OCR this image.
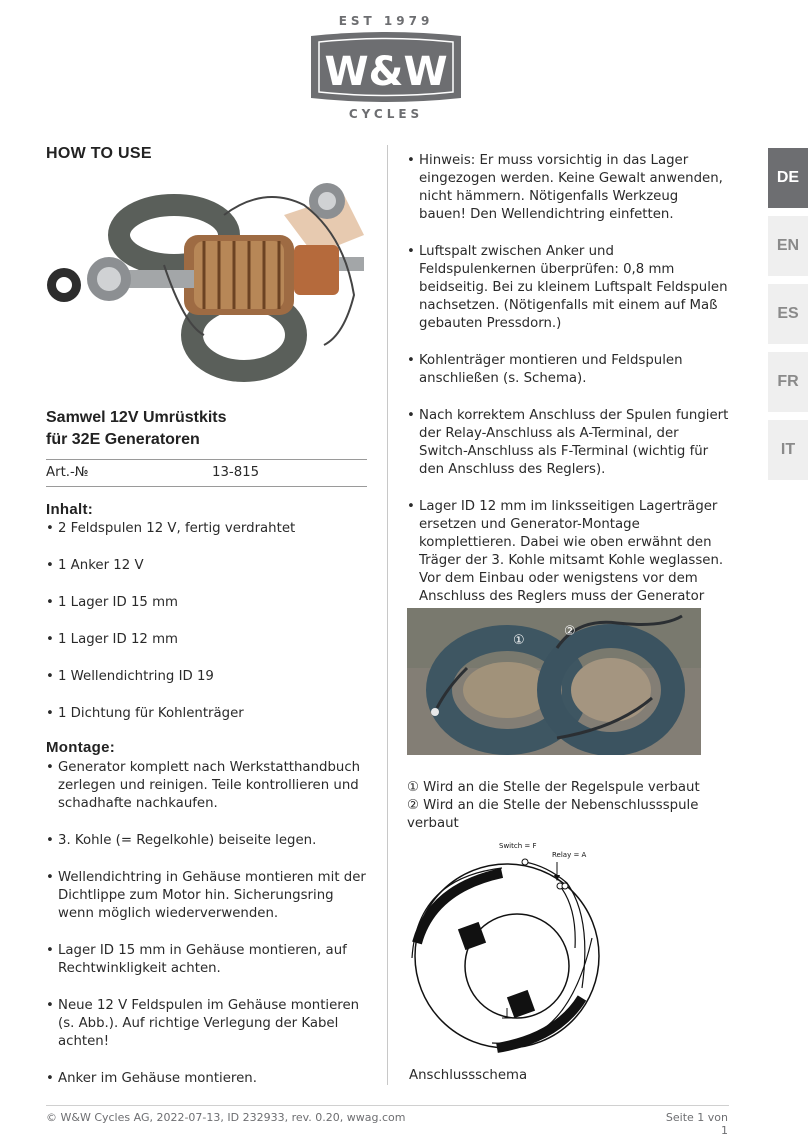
EST 1979
W&W
CYCLES
DE
EN
ES
FR
IT
HOW TO USE
Samwel 12V Umrüstkits
für 32E Generatoren
Art.-№	13-815
Inhalt:
• 2 Feldspulen 12 V, fertig verdrahtet
• 1 Anker 12 V
• 1 Lager ID 15 mm
• 1 Lager ID 12 mm
• 1 Wellendichtring ID 19
• 1 Dichtung für Kohlenträger
Montage:
• Generator komplett nach Werkstatthandbuch zerlegen und reinigen. Teile kontrollieren und schadhafte nachkaufen.
• 3. Kohle (= Regelkohle) beiseite legen.
• Wellendichtring in Gehäuse montieren mit der Dichtlippe zum Motor hin. Sicherungsring wenn möglich wiederverwenden.
• Lager ID 15 mm in Gehäuse montieren, auf Rechtwinkligkeit achten.
• Neue 12 V Feldspulen im Gehäuse montieren (s. Abb.). Auf richtige Verlegung der Kabel achten!
• Anker im Gehäuse montieren.
• Hinweis: Er muss vorsichtig in das Lager eingezogen werden. Keine Gewalt anwenden, nicht hämmern. Nötigenfalls Werkzeug bauen! Den Wellendichtring einfetten.
• Luftspalt zwischen Anker und Feldspulenkernen überprüfen: 0,8 mm beidseitig. Bei zu kleinem Luftspalt Feldspulen nachsetzen. (Nötigenfalls mit einem auf Maß gebauten Pressdorn.)
• Kohlenträger montieren und Feldspulen anschließen (s. Schema).
• Nach korrektem Anschluss der Spulen fungiert der Relay-Anschluss als A-Terminal, der Switch-Anschluss als F-Terminal (wichtig für den Anschluss des Reglers).
• Lager ID 12 mm im linksseitigen Lagerträger ersetzen und Generator-Montage komplettieren. Dabei wie oben erwähnt den Träger der 3. Kohle mitsamt Kohle weglassen. Vor dem Einbau oder wenigstens vor dem Anschluss des Reglers muss der Generator
①
②
① Wird an die Stelle der Regelspule verbaut
② Wird an die Stelle der Nebenschlussspule verbaut
Switch = F
Relay = A
Anschlussschema
© W&W Cycles AG, 2022-07-13, ID 232933, rev. 0.20, wwag.com	Seite 1 von 1
